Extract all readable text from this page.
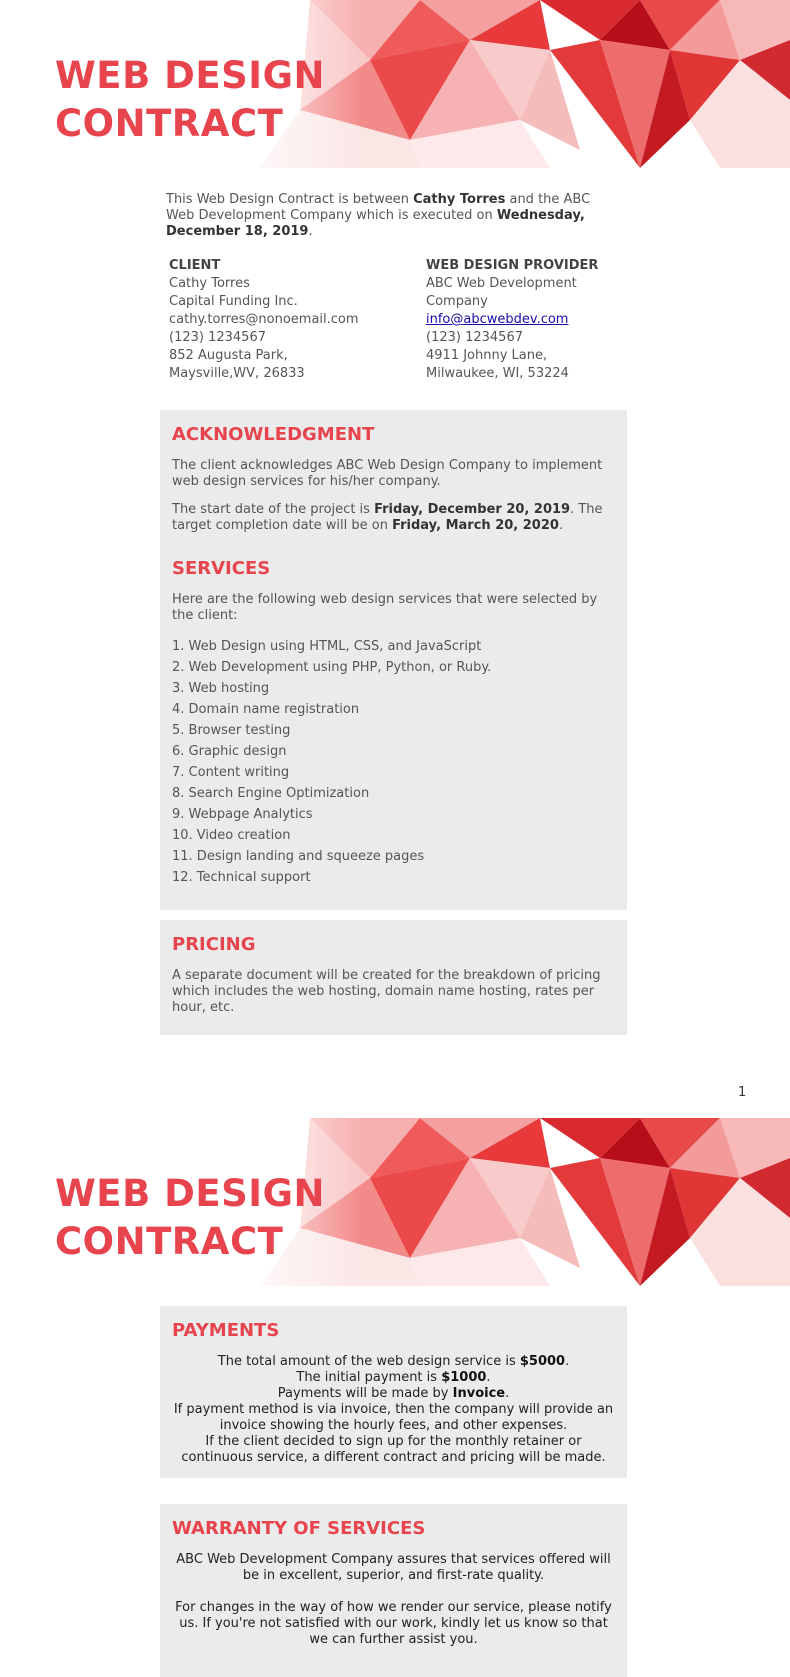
WEB DESIGN
CONTRACT

This Web Design Contract is between Cathy Torres and the ABC Web Development Company which is executed on Wednesday, December 18, 2019.

CLIENT
Cathy Torres
Capital Funding Inc.
cathy.torres@nonoemail.com
(123) 1234567
852 Augusta Park,
Maysville,WV, 26833
WEB DESIGN PROVIDER
ABC Web Development
Company
info@abcwebdev.com
(123) 1234567
4911 Johnny Lane,
Milwaukee, WI, 53224
ACKNOWLEDGMENT

The client acknowledges ABC Web Design Company to implement web design services for his/her company.

The start date of the project is Friday, December 20, 2019. The target completion date will be on Friday, March 20, 2020.

SERVICES

Here are the following web design services that were selected by the client:

1. Web Design using HTML, CSS, and JavaScript
2. Web Development using PHP, Python, or Ruby.
3. Web hosting
4. Domain name registration
5. Browser testing
6. Graphic design
7. Content writing
8. Search Engine Optimization
9. Webpage Analytics
10. Video creation
11. Design landing and squeeze pages
12. Technical support
PRICING

A separate document will be created for the breakdown of pricing which includes the web hosting, domain name hosting, rates per hour, etc.

1
WEB DESIGN
CONTRACT
PAYMENTS

The total amount of the web design service is $5000.
The initial payment is $1000.
Payments will be made by Invoice.
If payment method is via invoice, then the company will provide an invoice showing the hourly fees, and other expenses.
If the client decided to sign up for the monthly retainer or continuous service, a different contract and pricing will be made.

WARRANTY OF SERVICES

ABC Web Development Company assures that services offered will be in excellent, superior, and first-rate quality.

For changes in the way of how we render our service, please notify us. If you're not satisfied with our work, kindly let us know so that we can further assist you.
